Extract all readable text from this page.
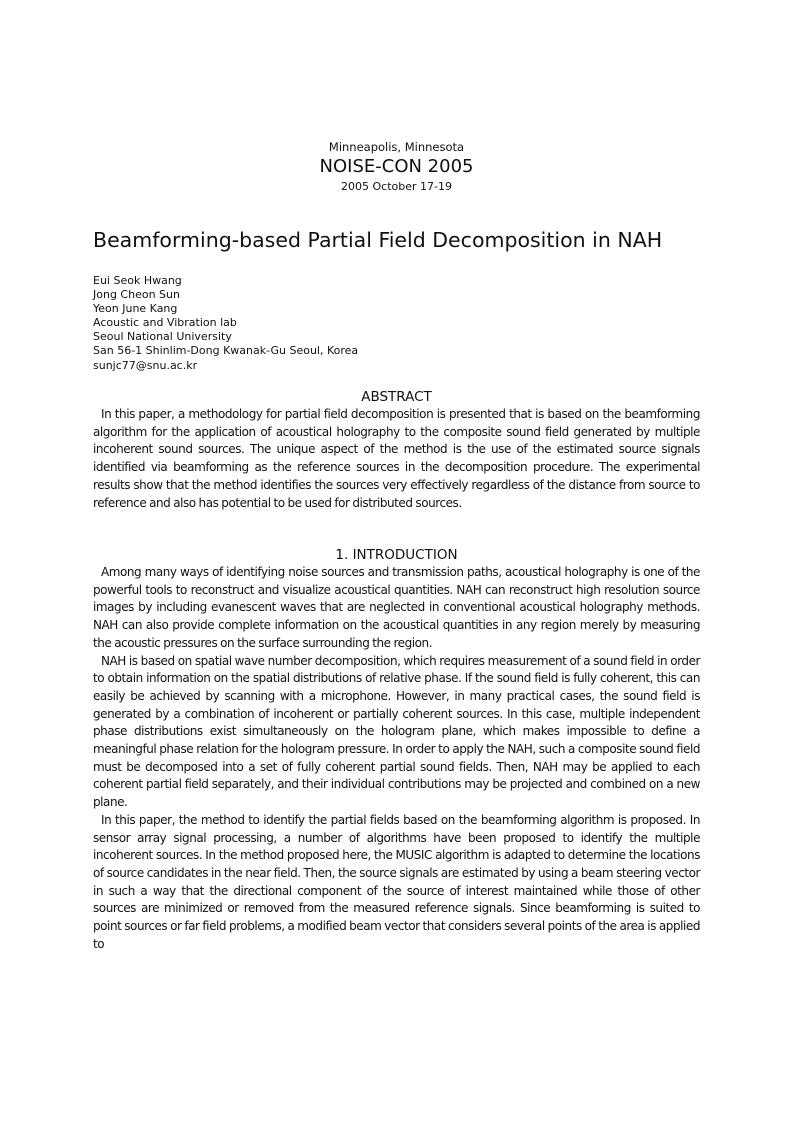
Minneapolis, Minnesota
NOISE-CON 2005
2005 October 17-19
Beamforming-based Partial Field Decomposition in NAH
Eui Seok Hwang
Jong Cheon Sun
Yeon June Kang
Acoustic and Vibration lab
Seoul National University
San 56-1 Shinlim-Dong Kwanak-Gu Seoul, Korea
sunjc77@snu.ac.kr
ABSTRACT

In this paper, a methodology for partial field decomposition is presented that is based on the beamforming algorithm for the application of acoustical holography to the composite sound field generated by multiple incoherent sound sources. The unique aspect of the method is the use of the estimated source signals identified via beamforming as the reference sources in the decomposition procedure. The experimental results show that the method identifies the sources very effectively regardless of the distance from source to reference and also has potential to be used for distributed sources.

1. INTRODUCTION

Among many ways of identifying noise sources and transmission paths, acoustical holography is one of the powerful tools to reconstruct and visualize acoustical quantities. NAH can reconstruct high resolution source images by including evanescent waves that are neglected in conventional acoustical holography methods. NAH can also provide complete information on the acoustical quantities in any region merely by measuring the acoustic pressures on the surface surrounding the region.

NAH is based on spatial wave number decomposition, which requires measurement of a sound field in order to obtain information on the spatial distributions of relative phase. If the sound field is fully coherent, this can easily be achieved by scanning with a microphone. However, in many practical cases, the sound field is generated by a combination of incoherent or partially coherent sources. In this case, multiple independent phase distributions exist simultaneously on the hologram plane, which makes impossible to define a meaningful phase relation for the hologram pressure. In order to apply the NAH, such a composite sound field must be decomposed into a set of fully coherent partial sound fields. Then, NAH may be applied to each coherent partial field separately, and their individual contributions may be projected and combined on a new plane.

In this paper, the method to identify the partial fields based on the beamforming algorithm is proposed. In sensor array signal processing, a number of algorithms have been proposed to identify the multiple incoherent sources. In the method proposed here, the MUSIC algorithm is adapted to determine the locations of source candidates in the near field. Then, the source signals are estimated by using a beam steering vector in such a way that the directional component of the source of interest maintained while those of other sources are minimized or removed from the measured reference signals. Since beamforming is suited to point sources or far field problems, a modified beam vector that considers several points of the area is applied to
